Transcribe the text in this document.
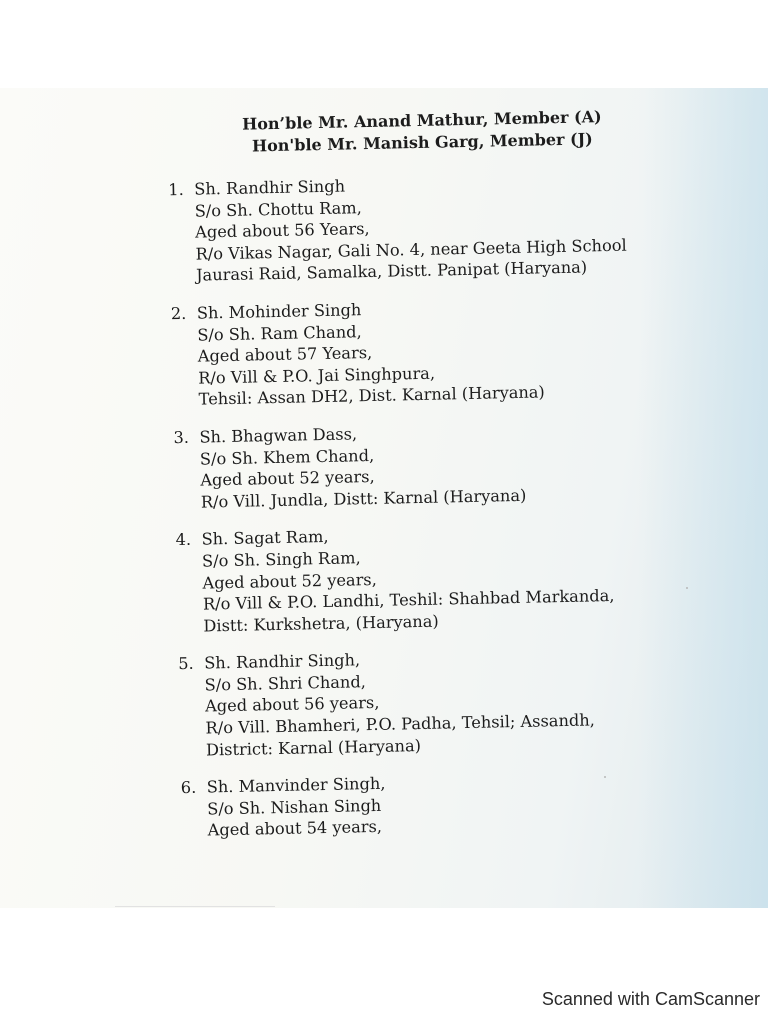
Hon’ble Mr. Anand Mathur, Member (A)
Hon'ble Mr. Manish Garg, Member (J)
1. Sh. Randhir Singh
S/o Sh. Chottu Ram,
Aged about 56 Years,
R/o Vikas Nagar, Gali No. 4, near Geeta High School
Jaurasi Raid, Samalka, Distt. Panipat (Haryana)
2. Sh. Mohinder Singh
S/o Sh. Ram Chand,
Aged about 57 Years,
R/o Vill & P.O. Jai Singhpura,
Tehsil: Assan DH2, Dist. Karnal (Haryana)
3. Sh. Bhagwan Dass,
S/o Sh. Khem Chand,
Aged about 52 years,
R/o Vill. Jundla, Distt: Karnal (Haryana)
4. Sh. Sagat Ram,
S/o Sh. Singh Ram,
Aged about 52 years,
R/o Vill & P.O. Landhi, Teshil: Shahbad Markanda,
Distt: Kurkshetra, (Haryana)
5. Sh. Randhir Singh,
S/o Sh. Shri Chand,
Aged about 56 years,
R/o Vill. Bhamheri, P.O. Padha, Tehsil; Assandh,
District: Karnal (Haryana)
6. Sh. Manvinder Singh,
S/o Sh. Nishan Singh
Aged about 54 years,
Scanned with CamScanner
